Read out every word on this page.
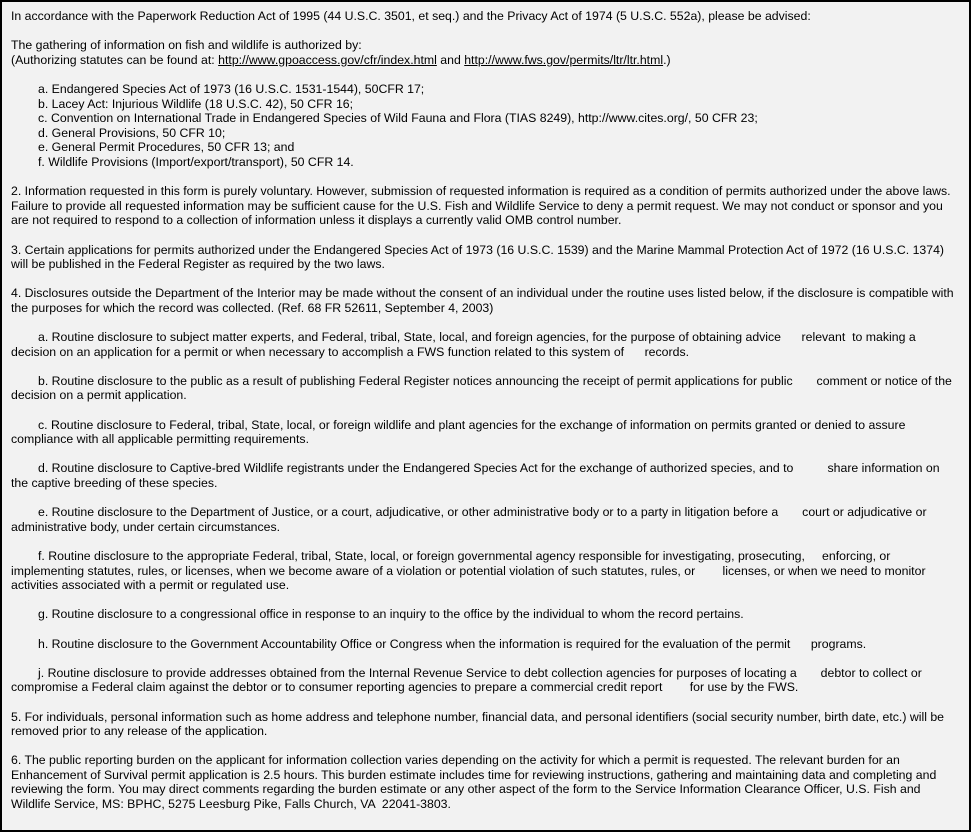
In accordance with the Paperwork Reduction Act of 1995 (44 U.S.C. 3501, et seq.) and the Privacy Act of 1974 (5 U.S.C. 552a), please be advised:

The gathering of information on fish and wildlife is authorized by:
(Authorizing statutes can be found at: http://www.gpoaccess.gov/cfr/index.html and http://www.fws.gov/permits/ltr/ltr.html.)
a. Endangered Species Act of 1973 (16 U.S.C. 1531-1544), 50CFR 17;
b. Lacey Act: Injurious Wildlife (18 U.S.C. 42), 50 CFR 16;
c. Convention on International Trade in Endangered Species of Wild Fauna and Flora (TIAS 8249), http://www.cites.org/, 50 CFR 23;
d. General Provisions, 50 CFR 10;
e. General Permit Procedures, 50 CFR 13; and
f. Wildlife Provisions (Import/export/transport), 50 CFR 14.

2. Information requested in this form is purely voluntary. However, submission of requested information is required as a condition of permits authorized under the above laws. Failure to provide all requested information may be sufficient cause for the U.S. Fish and Wildlife Service to deny a permit request. We may not conduct or sponsor and you are not required to respond to a collection of information unless it displays a currently valid OMB control number.

3. Certain applications for permits authorized under the Endangered Species Act of 1973 (16 U.S.C. 1539) and the Marine Mammal Protection Act of 1972 (16 U.S.C. 1374) will be published in the Federal Register as required by the two laws.

4. Disclosures outside the Department of the Interior may be made without the consent of an individual under the routine uses listed below, if the disclosure is compatible with the purposes for which the record was collected. (Ref. 68 FR 52611, September 4, 2003)

a. Routine disclosure to subject matter experts, and Federal, tribal, State, local, and foreign agencies, for the purpose of obtaining advice      relevant  to making a decision on an application for a permit or when necessary to accomplish a FWS function related to this system of      records.

b. Routine disclosure to the public as a result of publishing Federal Register notices announcing the receipt of permit applications for public       comment or notice of the decision on a permit application.

c. Routine disclosure to Federal, tribal, State, local, or foreign wildlife and plant agencies for the exchange of information on permits granted or denied to assure compliance with all applicable permitting requirements.

d. Routine disclosure to Captive-bred Wildlife registrants under the Endangered Species Act for the exchange of authorized species, and to          share information on the captive breeding of these species.

e. Routine disclosure to the Department of Justice, or a court, adjudicative, or other administrative body or to a party in litigation before a       court or adjudicative or administrative body, under certain circumstances.

f. Routine disclosure to the appropriate Federal, tribal, State, local, or foreign governmental agency responsible for investigating, prosecuting,     enforcing, or implementing statutes, rules, or licenses, when we become aware of a violation or potential violation of such statutes, rules, or        licenses, or when we need to monitor activities associated with a permit or regulated use.

g. Routine disclosure to a congressional office in response to an inquiry to the office by the individual to whom the record pertains.

h. Routine disclosure to the Government Accountability Office or Congress when the information is required for the evaluation of the permit      programs.

j. Routine disclosure to provide addresses obtained from the Internal Revenue Service to debt collection agencies for purposes of locating a       debtor to collect or compromise a Federal claim against the debtor or to consumer reporting agencies to prepare a commercial credit report        for use by the FWS.

5. For individuals, personal information such as home address and telephone number, financial data, and personal identifiers (social security number, birth date, etc.) will be removed prior to any release of the application.

6. The public reporting burden on the applicant for information collection varies depending on the activity for which a permit is requested. The relevant burden for an Enhancement of Survival permit application is 2.5 hours. This burden estimate includes time for reviewing instructions, gathering and maintaining data and completing and reviewing the form. You may direct comments regarding the burden estimate or any other aspect of the form to the Service Information Clearance Officer, U.S. Fish and Wildlife Service, MS: BPHC, 5275 Leesburg Pike, Falls Church, VA  22041-3803.
